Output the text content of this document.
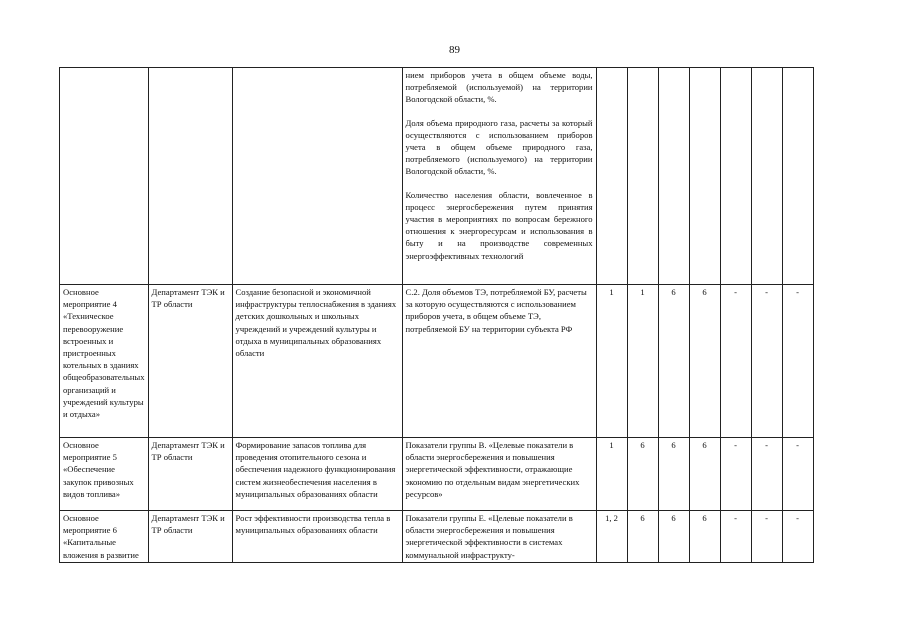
89

			нием приборов учета в общем объеме воды, потребляемой (используемой) на территории Вологодской области, %.

Доля объема природного газа, расчеты за который осуществляются с использованием приборов учета в общем объеме природного газа, потребляемого (используемого) на территории Вологодской области, %.

Количество населения области, вовлеченное в процесс энергосбережения путем принятия участия в мероприятиях по вопросам бережного отношения к энергоресурсам и использования в быту и на производстве современных энергоэффективных технологий							

Основное мероприятие 4 «Техническое перевооружение встроенных и пристроенных котельных в зданиях общеобразовательных организаций и учреждений культуры и отдыха»	Департамент ТЭК и ТР области	Создание безопасной и экономичной инфраструктуры теплоснабжения в зданиях детских дошкольных и школьных учреждений и учреждений культуры и отдыха в муниципальных образованиях области	С.2. Доля объемов ТЭ, потребляемой БУ, расчеты за которую осуществляются с использованием приборов учета, в общем объеме ТЭ, потребляемой БУ на территории субъекта РФ	1	1	6	6	-	-	-
Основное мероприятие 5 «Обеспечение закупок привозных видов топлива»	Департамент ТЭК и ТР области	Формирование запасов топлива для проведения отопительного сезона и обеспечения надежного функционирования систем жизнеобеспечения населения в муниципальных образованиях области	Показатели группы В. «Целевые показатели в области энергосбережения и повышения энергетической эффективности, отражающие экономию по отдельным видам энергетических ресурсов»	1	6	6	6	-	-	-
Основное мероприятие 6 «Капитальные вложения в развитие	Департамент ТЭК и ТР области	Рост эффективности производства тепла в муниципальных образованиях области	Показатели группы Е. «Целевые показатели в области энергосбережения и повышения энергетической эффективности в системах коммунальной инфраструкту-	1, 2	6	6	6	-	-	-
